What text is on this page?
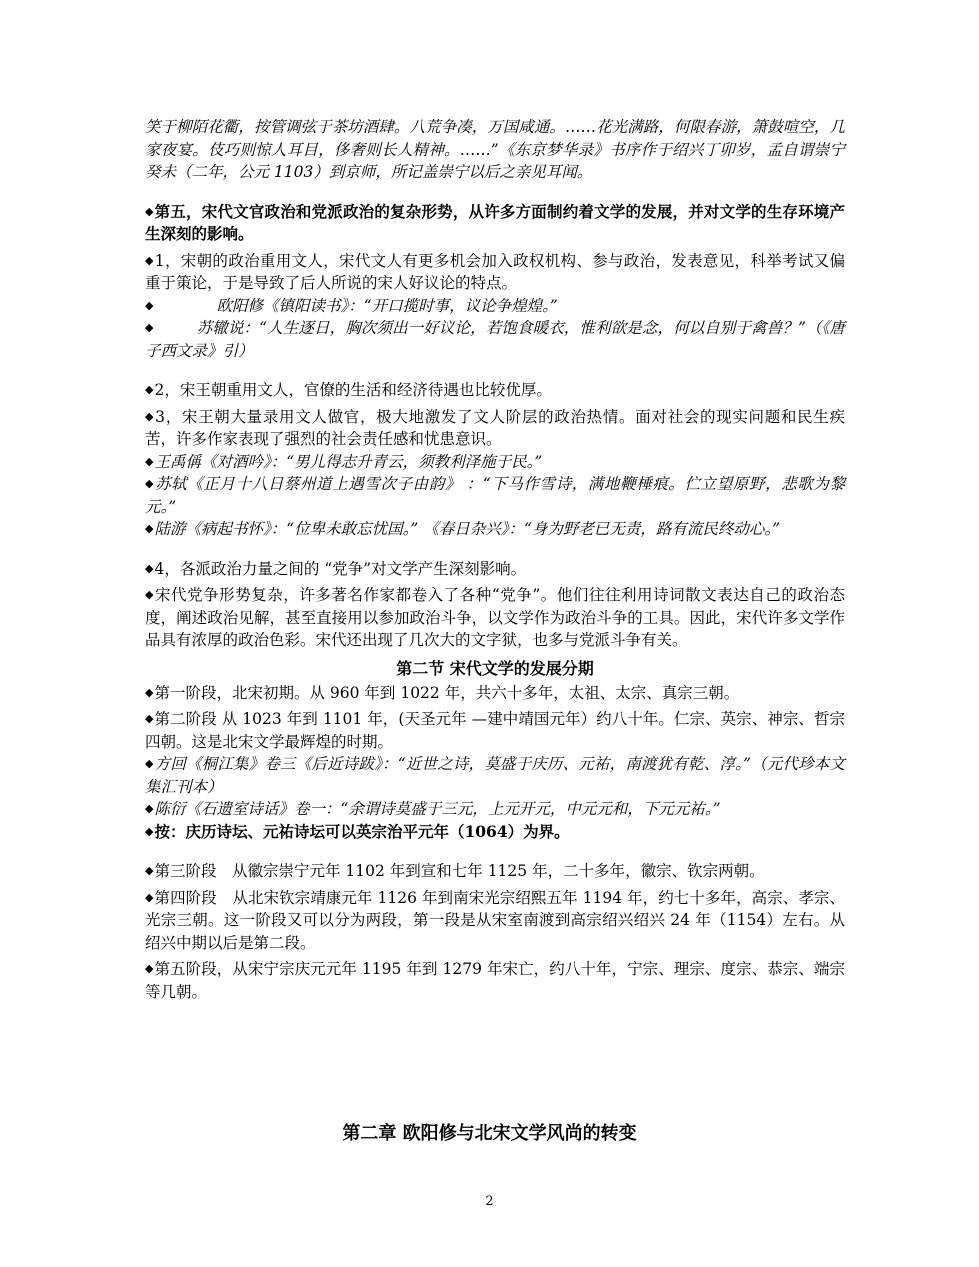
笑于柳陌花衢，按管调弦于茶坊酒肆。八荒争凑，万国咸通。……花光满路，何限春游，箫鼓喧空，几家夜宴。伎巧则惊人耳目，侈奢则长人精神。……”《东京梦华录》书序作于绍兴丁卯岁，孟自谓崇宁癸未（二年，公元 1103）到京师，所记盖崇宁以后之亲见耳闻。

◆第五，宋代文官政治和党派政治的复杂形势，从许多方面制约着文学的发展，并对文学的生存环境产生深刻的影响。

◆1，宋朝的政治重用文人，宋代文人有更多机会加入政权机构、参与政治，发表意见，科举考试又偏重于策论，于是导致了后人所说的宋人好议论的特点。

◆	欧阳修《镇阳读书》：“开口揽时事，议论争煌煌。”

◆	苏辙说：“人生逐日，胸次须出一好议论，若饱食暖衣，惟利欲是念，何以自别于禽兽？”（《唐子西文录》引）

◆2，宋王朝重用文人，官僚的生活和经济待遇也比较优厚。

◆3，宋王朝大量录用文人做官，极大地激发了文人阶层的政治热情。面对社会的现实问题和民生疾苦，许多作家表现了强烈的社会责任感和忧患意识。

◆王禹偁《对酒吟》：“男儿得志升青云，须教利泽施于民。”

◆苏轼《正月十八日蔡州道上遇雪次子由韵》 ：“下马作雪诗，满地鞭棰痕。伫立望原野，悲歌为黎元。”

◆陆游《病起书怀》：“位卑未敢忘忧国。” 《春日杂兴》：“身为野老已无责，路有流民终动心。”

◆4，各派政治力量之间的 “党争”对文学产生深刻影响。

◆宋代党争形势复杂，许多著名作家都卷入了各种“党争”。他们往往利用诗词散文表达自己的政治态度，阐述政治见解，甚至直接用以参加政治斗争，以文学作为政治斗争的工具。因此，宋代许多文学作品具有浓厚的政治色彩。宋代还出现了几次大的文字狱，也多与党派斗争有关。

第二节 宋代文学的发展分期

◆第一阶段，北宋初期。从 960 年到 1022 年，共六十多年，太祖、太宗、真宗三朝。

◆第二阶段 从 1023 年到 1101 年，(天圣元年 —建中靖国元年）约八十年。仁宗、英宗、神宗、哲宗四朝。这是北宋文学最辉煌的时期。

◆方回《桐江集》卷三《后近诗跋》：“近世之诗，莫盛于庆历、元祐，南渡犹有乾、淳。”（元代珍本文集汇刊本）

◆陈衍《石遗室诗话》卷一：“余谓诗莫盛于三元，上元开元，中元元和，下元元祐。”

◆按：庆历诗坛、元祐诗坛可以英宗治平元年（1064）为界。

◆第三阶段　从徽宗崇宁元年 1102 年到宣和七年 1125 年，二十多年，徽宗、钦宗两朝。

◆第四阶段　从北宋钦宗靖康元年 1126 年到南宋光宗绍熙五年 1194 年，约七十多年，高宗、孝宗、光宗三朝。这一阶段又可以分为两段，第一段是从宋室南渡到高宗绍兴绍兴 24 年（1154）左右。从绍兴中期以后是第二段。

◆第五阶段，从宋宁宗庆元元年 1195 年到 1279 年宋亡，约八十年，宁宗、理宗、度宗、恭宗、端宗等几朝。

第二章 欧阳修与北宋文学风尚的转变

2
